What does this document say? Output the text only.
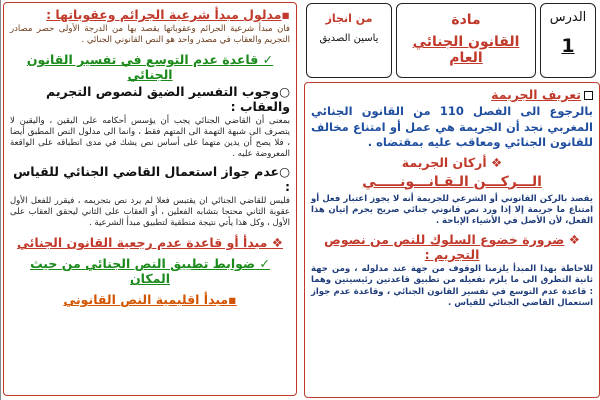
الدرس
1
مادة
القانون الجنائي العام
من انجاز
ياسين الصديق
تعريف الجريمة

بالرجوع الى الفصل 110 من القانون الجنائي المغربي نجد أن الجريمة هي عمل أو امتناع مخالف للقانون الجنائي ومعاقب عليه بمقتضاه .

❖ أركان الجريمة
الـــركـــن الـقـانـــونـــــي

يقصد بالركن القانوني أو الشرعي للجريمة أنه لا يجوز اعتبار فعل أو امتناع ما جريمة إلا إذا ورد نص قانوني جنائي صريح يجرم إتيان هذا الفعل، لأن الأصل في الأشياء الإباحة .

❖ ضرورة خضوع السلوك للنص من نصوص التجريم :

للاحاطة بهذا المبدأ يلزمنا الوقوف من جهة عند مدلوله ، ومن جهة ثانية التطرق الى ما يلزم تفعيله من تطبيق قاعدتين رئيسيتين وهما : قاعدة عدم التوسع في تفسير القانون الجنائي ، وقاعدة عدم جواز استعمال القاضي الجنائي للقياس .

▪مدلول مبدأ شرعية الجرائم وعقوباتها :

فان مبدأ شرعية الجرائم وعقوباتها يقصد بها من الدرجة الأولى حصر مصادر التجريم والعقاب في مصدر واحد هو النص القانوني الجنائي .

✓ قاعدة عدم التوسع في تفسير القانون الجنائي
○وجوب التفسير الضيق لنصوص التجريم والعقاب :

بمعنى أن القاضي الجنائي يجب أن يؤسس أحكامه على اليقين ، واليقين لا يتصرف الى شبهة التهمة الى المتهم فقط ، وانما الى مدلول النص المطبق أيضا ، فلا يصح أن يدين متهما على أساس نص يشك في مدى انطباقه على الواقعة المعروضة عليه .

○عدم جواز استعمال القاضي الجنائي للقياس :

فليس للقاضي الجنائي ان يقتبس فعلا لم يرد نص بتجريمه ، فيقرر للفعل الأول عقوبة الثاني محتجا بتشابه الفعلين ، أو العقاب على الثاني ليحقق العقاب على الأول ، وكل هذا يأتي نتيجة منطقية لتطبيق مبدأ الشرعية .

❖ مبدأ أو قاعدة عدم رجعية القانون الجنائي
✓ ضوابط تطبيق النص الجنائي من حيث المكان
▪مبدأ اقليمية النص القانوني
